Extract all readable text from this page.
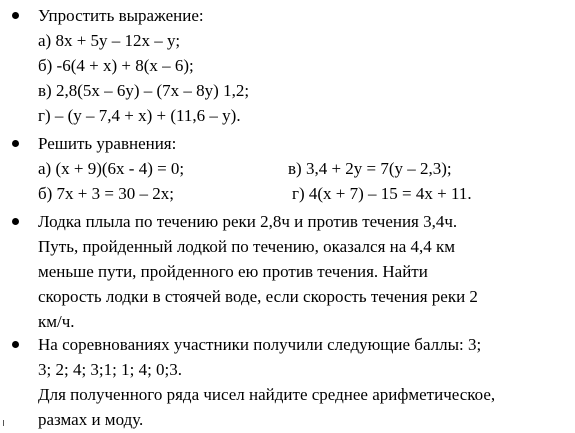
Упростить выражение:
а) 8х + 5у – 12х – у;
б) -6(4 + х) + 8(х – 6);
в) 2,8(5х – 6у) – (7х – 8у) 1,2;
г) – (у – 7,4 + х) + (11,6 – у).
Решить уравнения:
а) (х + 9)(6х - 4) = 0;
б) 7х + 3 = 30 – 2х;
в) 3,4 + 2у = 7(у – 2,3);
г) 4(х + 7) – 15 = 4х + 11.
Лодка плыла по течению реки 2,8ч и против течения 3,4ч.
Путь, пройденный лодкой по течению, оказался на 4,4 км
меньше пути, пройденного ею против течения. Найти
скорость лодки в стоячей воде, если скорость течения реки 2
км/ч.
На соревнованиях участники получили следующие баллы: 3;
3; 2; 4; 3;1; 1; 4; 0;3.
Для полученного ряда чисел найдите среднее арифметическое,
размах и моду.
